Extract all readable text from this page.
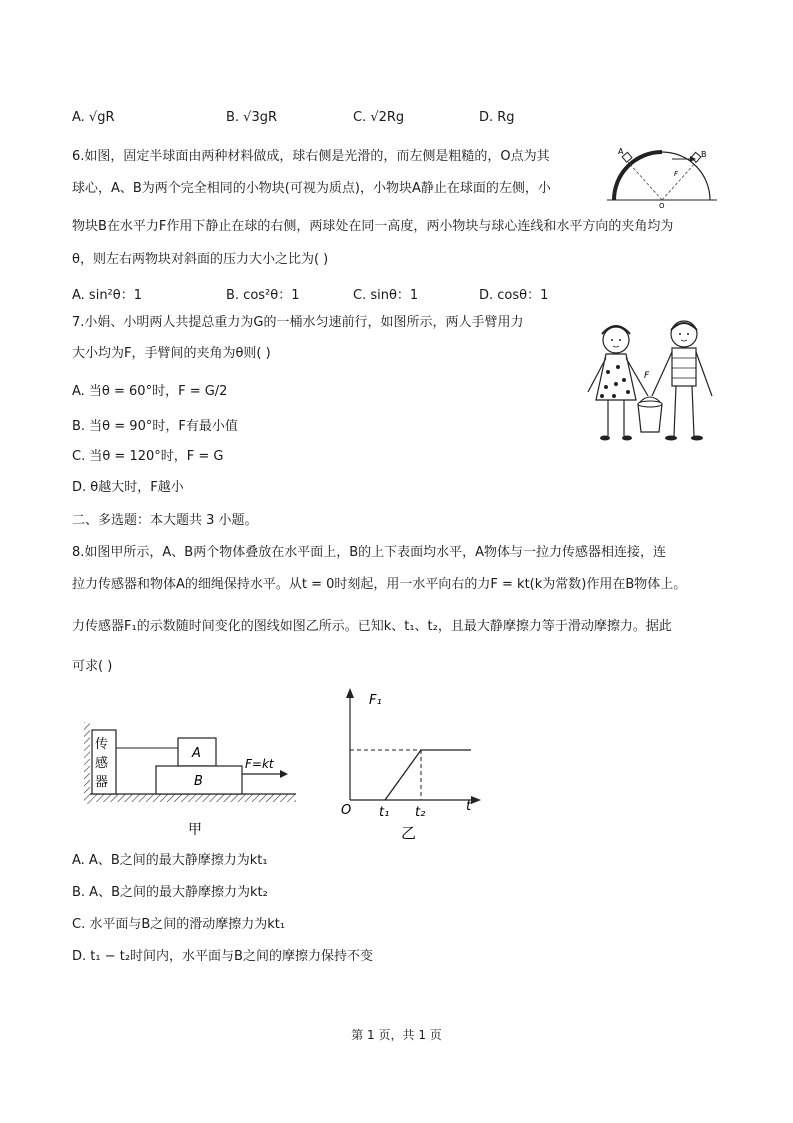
A. √gR	B. √3gR	C. √2Rg	D. Rg
6.如图，固定半球面由两种材料做成，球右侧是光滑的，而左侧是粗糙的，O点为其
球心，A、B为两个完全相同的小物块(可视为质点)，小物块A静止在球面的左侧，小
物块B在水平力F作用下静止在球的右侧，两球处在同一高度，两小物块与球心连线和水平方向的夹角均为
θ，则左右两物块对斜面的压力大小之比为( )
A	B
F
O
A. sin²θ：1	B. cos²θ：1	C. sinθ：1	D. cosθ：1
7.小娟、小明两人共提总重力为G的一桶水匀速前行，如图所示，两人手臂用力
大小均为F，手臂间的夹角为θ则( )
A. 当θ = 60°时，F = G/2
B. 当θ = 90°时，F有最小值
C. 当θ = 120°时，F = G
D. θ越大时，F越小
F
二、多选题：本大题共 3 小题。
8.如图甲所示，A、B两个物体叠放在水平面上，B的上下表面均水平，A物体与一拉力传感器相连接，连
拉力传感器和物体A的细绳保持水平。从t = 0时刻起，用一水平向右的力F = kt(k为常数)作用在B物体上。
力传感器F₁的示数随时间变化的图线如图乙所示。已知k、t₁、t₂，且最大静摩擦力等于滑动摩擦力。据此
可求( )
传
感
器
A
B
F=kt
甲
F₁
O t₁ t₂	t
乙
A. A、B之间的最大静摩擦力为kt₁
B. A、B之间的最大静摩擦力为kt₂
C. 水平面与B之间的滑动摩擦力为kt₁
D. t₁ − t₂时间内，水平面与B之间的摩擦力保持不变
第 1 页，共 1 页
